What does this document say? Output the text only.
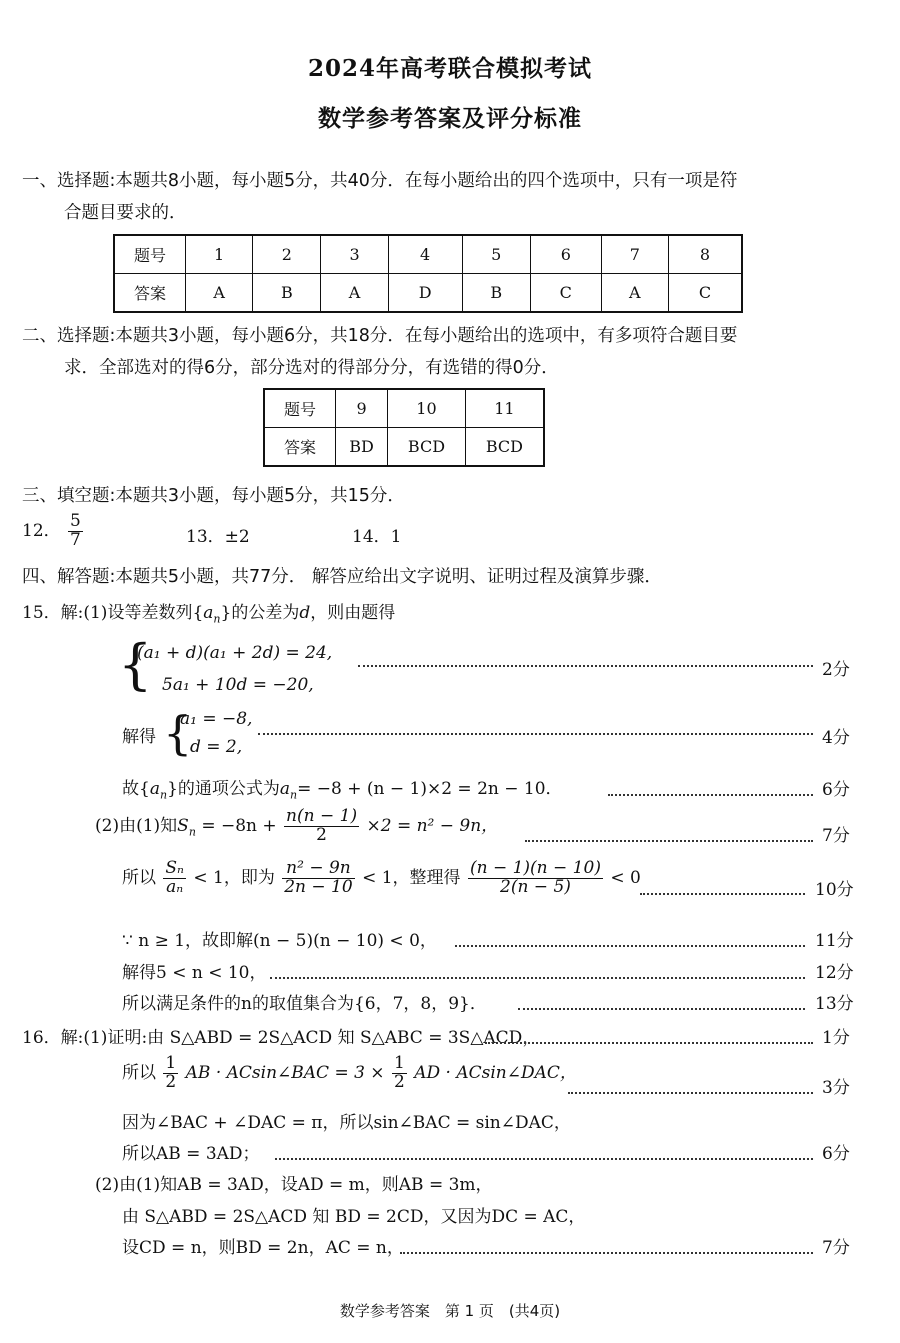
2024年高考联合模拟考试
数学参考答案及评分标准
一、选择题:本题共8小题，每小题5分，共40分．在每小题给出的四个选项中，只有一项是符
合题目要求的．
题号	1	2	3	4	5	6	7	8
答案	A	B	A	D	B	C	A	C
二、选择题:本题共3小题，每小题6分，共18分．在每小题给出的选项中，有多项符合题目要
求．全部选对的得6分，部分选对的得部分分，有选错的得0分．
题号	9	10	11
答案	BD	BCD	BCD
三、填空题:本题共3小题，每小题5分，共15分．
12． $\frac{5}{7}$	13．±2	14．1
四、解答题:本题共5小题，共77分． 解答应给出文字说明、证明过程及演算步骤．
15．解:(1)设等差数列$\{a_n\}$的公差为d，则由题得
{
(a₁ + d)(a₁ + 2d) = 24,
5a₁ + 10d = −20,
2分
解得 {
a₁ = −8,
d = 2,	4分
故$\{a_n\}$的通项公式为$a_n= -8 + (n - 1)\times 2 = 2n - 10$．	6分
(2)由(1)知$S_n = -8n + \frac{n(n - 1)}{2} \times 2 = n^2 - 9n$，
7分
所以 $\frac{\text{Sₙ}}{\text{aₙ}} < 1$，即为 $\frac{\text{n² − 9n}}{2n - 10} < 1$，整理得 $\frac{(n - 1)(n - 10)}{2(n - 5)} < 0$
10分
∵ n ≥ 1，故即解(n − 5)(n − 10) < 0，	11分
解得5 < n < 10，	12分
所以满足条件的n的取值集合为{6，7，8，9}．	13分
16．解:(1)证明:由 S△ABD = 2S△ACD 知 S△ABC = 3S△ACD，	1分
所以 $\frac{1}{2}$ AB · ACsin∠BAC = $3 \times \frac{1}{2}$ AD · ACsin∠DAC，
3分
因为∠BAC + ∠DAC = π，所以sin∠BAC = sin∠DAC，
所以AB = 3AD；	6分
(2)由(1)知AB = 3AD，设AD = m，则AB = 3m，
由 S△ABD = 2S△ACD 知 BD = 2CD，又因为DC = AC，
设CD = n，则BD = 2n，AC = n，	7分
数学参考答案　第 1 页　(共4页)
